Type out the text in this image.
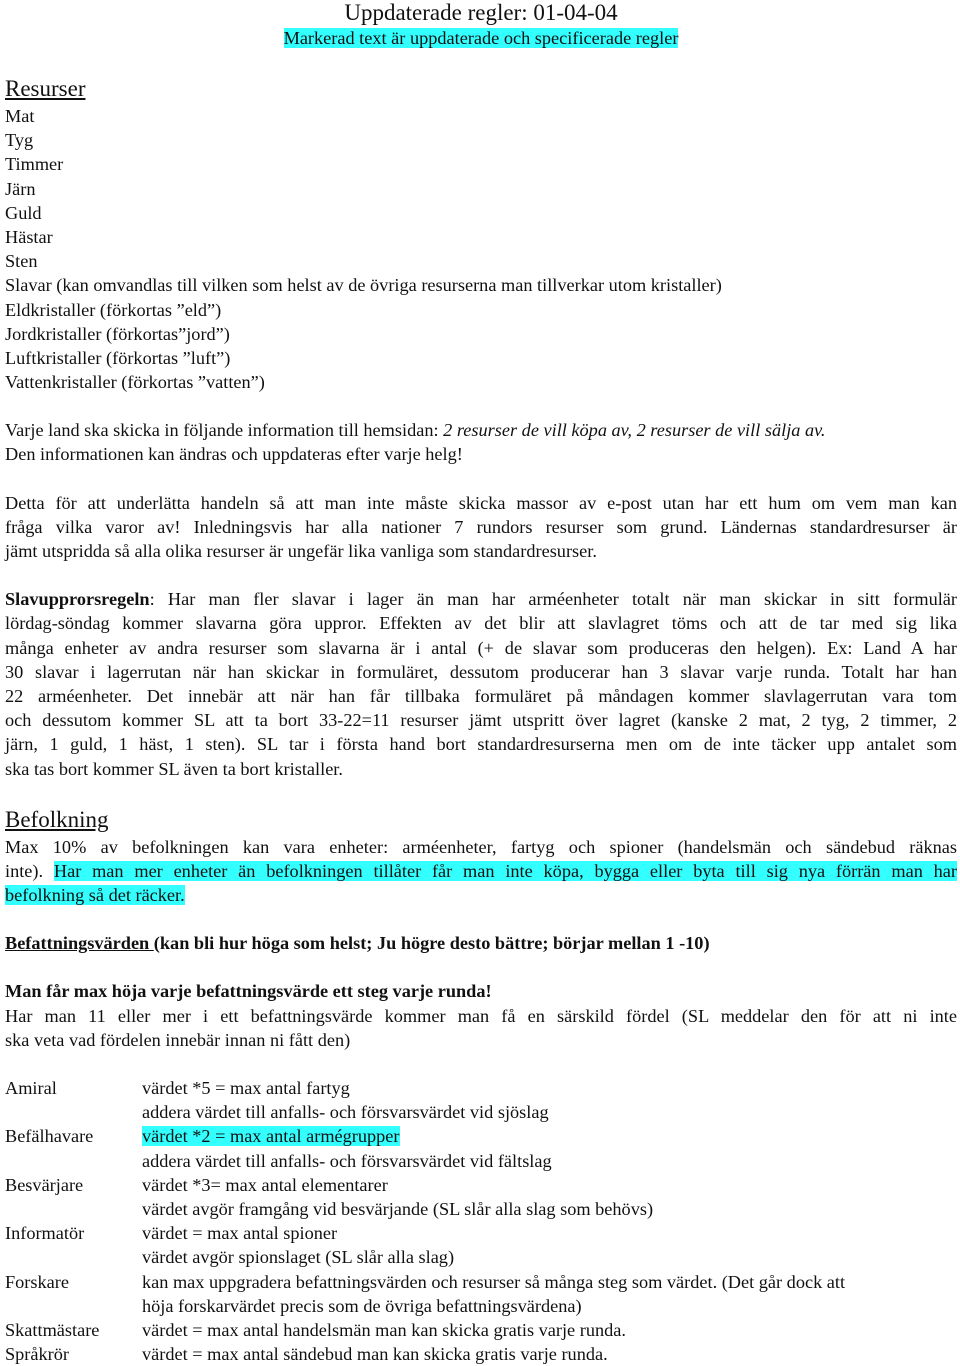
Uppdaterade regler: 01-04-04
Markerad text är uppdaterade och specificerade regler
Resurser
Mat
Tyg
Timmer
Järn
Guld
Hästar
Sten
Slavar (kan omvandlas till vilken som helst av de övriga resurserna man tillverkar utom kristaller)
Eldkristaller (förkortas ”eld”)
Jordkristaller (förkortas”jord”)
Luftkristaller (förkortas ”luft”)
Vattenkristaller (förkortas ”vatten”)
Varje land ska skicka in följande information till hemsidan: 2 resurser de vill köpa av, 2 resurser de vill sälja av.
Den informationen kan ändras och uppdateras efter varje helg!
Detta för att underlätta handeln så att man inte måste skicka massor av e-post utan har ett hum om vem man kan
fråga vilka varor av! Inledningsvis har alla nationer 7 rundors resurser som grund. Ländernas standardresurser är
jämt utspridda så alla olika resurser är ungefär lika vanliga som standardresurser.
Slavupprorsregeln: Har man fler slavar i lager än man har arméenheter totalt när man skickar in sitt formulär
lördag-söndag kommer slavarna göra uppror. Effekten av det blir att slavlagret töms och att de tar med sig lika
många enheter av andra resurser som slavarna är i antal (+ de slavar som produceras den helgen). Ex: Land A har
30 slavar i lagerrutan när han skickar in formuläret, dessutom producerar han 3 slavar varje runda. Totalt har han
22 arméenheter. Det innebär att när han får tillbaka formuläret på måndagen kommer slavlagerrutan vara tom
och dessutom kommer SL att ta bort 33-22=11 resurser jämt utspritt över lagret (kanske 2 mat, 2 tyg, 2 timmer, 2
järn, 1 guld, 1 häst, 1 sten). SL tar i första hand bort standardresurserna men om de inte täcker upp antalet som
ska tas bort kommer SL även ta bort kristaller.
Befolkning
Max 10% av befolkningen kan vara enheter: arméenheter, fartyg och spioner (handelsmän och sändebud räknas
inte). Har man mer enheter än befolkningen tillåter får man inte köpa, bygga eller byta till sig nya förrän man har
befolkning så det räcker.
Befattningsvärden (kan bli hur höga som helst; Ju högre desto bättre; börjar mellan 1 -10)
Man får max höja varje befattningsvärde ett steg varje runda!
Har man 11 eller mer i ett befattningsvärde kommer man få en särskild fördel (SL meddelar den för att ni inte
ska veta vad fördelen innebär innan ni fått den)
Amiral	värdet *5 = max antal fartyg
addera värdet till anfalls- och försvarsvärdet vid sjöslag
Befälhavare	värdet *2 = max antal armégrupper
addera värdet till anfalls- och försvarsvärdet vid fältslag
Besvärjare	värdet *3= max antal elementarer
värdet avgör framgång vid besvärjande (SL slår alla slag som behövs)
Informatör	värdet = max antal spioner
värdet avgör spionslaget (SL slår alla slag)
Forskare	kan max uppgradera befattningsvärden och resurser så många steg som värdet. (Det går dock att
höja forskarvärdet precis som de övriga befattningsvärdena)
Skattmästare	värdet = max antal handelsmän man kan skicka gratis varje runda.
Språkrör	värdet = max antal sändebud man kan skicka gratis varje runda.
